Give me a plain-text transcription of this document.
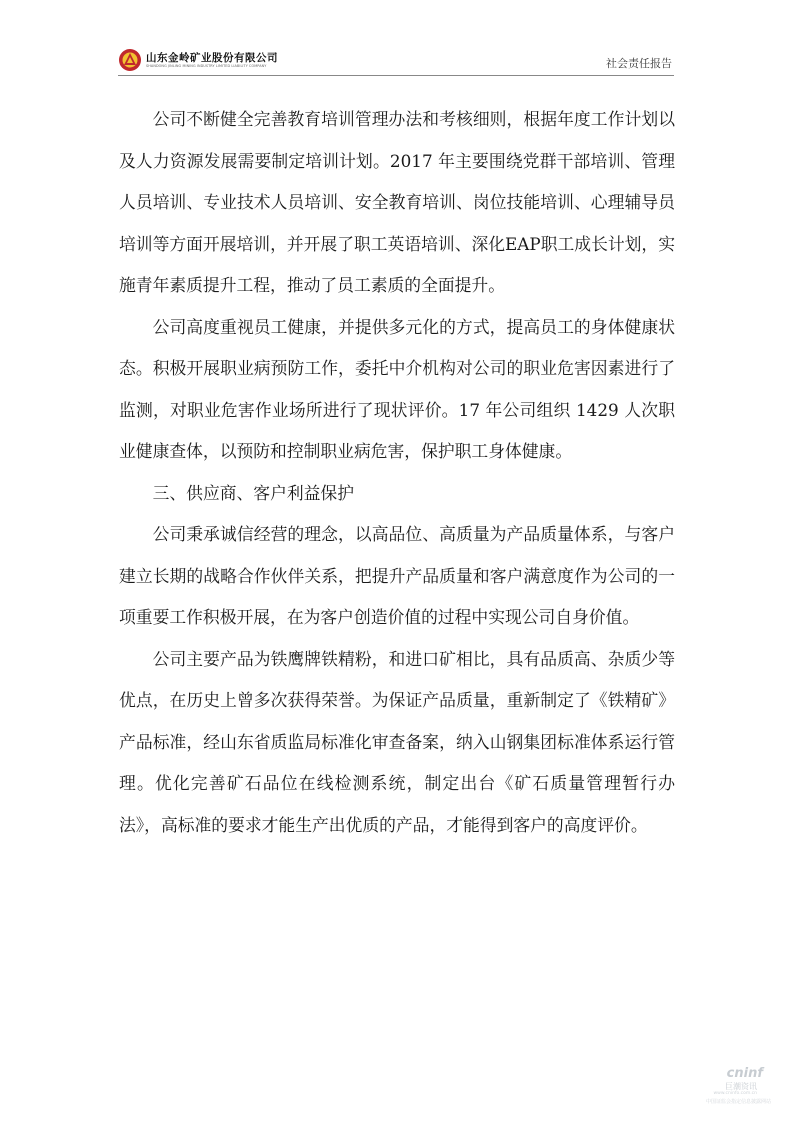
山东金岭矿业股份有限公司
SHANDONG JINLING MINING INDUSTRY LIMITED LIABILITY COMPANY	社会责任报告

公司不断健全完善教育培训管理办法和考核细则，根据年度工作计划以及人力资源发展需要制定培训计划。2017 年主要围绕党群干部培训、管理人员培训、专业技术人员培训、安全教育培训、岗位技能培训、心理辅导员培训等方面开展培训，并开展了职工英语培训、深化EAP职工成长计划，实施青年素质提升工程，推动了员工素质的全面提升。

公司高度重视员工健康，并提供多元化的方式，提高员工的身体健康状态。积极开展职业病预防工作，委托中介机构对公司的职业危害因素进行了监测，对职业危害作业场所进行了现状评价。17 年公司组织 1429 人次职业健康查体，以预防和控制职业病危害，保护职工身体健康。

三、供应商、客户利益保护

公司秉承诚信经营的理念，以高品位、高质量为产品质量体系，与客户建立长期的战略合作伙伴关系，把提升产品质量和客户满意度作为公司的一项重要工作积极开展，在为客户创造价值的过程中实现公司自身价值。

公司主要产品为铁鹰牌铁精粉，和进口矿相比，具有品质高、杂质少等优点，在历史上曾多次获得荣誉。为保证产品质量，重新制定了《铁精矿》产品标准，经山东省质监局标准化审查备案，纳入山钢集团标准体系运行管理。优化完善矿石品位在线检测系统，制定出台《矿石质量管理暂行办法》，高标准的要求才能生产出优质的产品，才能得到客户的高度评价。

cninf
巨潮资讯
www.cninfo.com.cn
中国证监会指定信息披露网站
